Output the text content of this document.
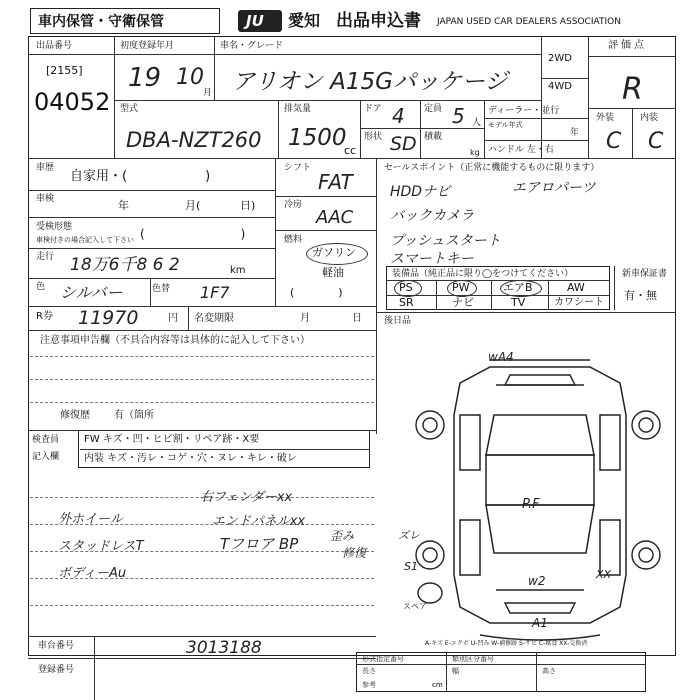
車内保管・守衛保管	JU 愛知 出品申込書 JAPAN USED CAR DEALERS ASSOCIATION
出品番号
[2155]
04052
初度登録年月
19 10
月
車名・グレード
アリオン A15Gパッケージ
2WD
4WD
評価点
R
外装	内装
C C
型式
DBA-NZT260
排気量
1500
cc
ドア 4 定員 5 人
形状 SD 積載
kg
ディーラー・並行
モデル年式
年
ハンドル 左・右
車歴
自家用・(　　　　　　)
車検	年	月(	日)
受検形態
車検付きの場合記入して下さい (　　　　　　　　)
走行 18万6千8 6 2	km
色 シルバー	色替 1F7
シフト
FAT
冷房
AAC
燃料
ガソリン
軽油
(　　　　)
セールスポイント（正常に機能するものに限ります）
HDDナビ	エアロパーツ
バックカメラ
プッシュスタート
スマートキー
装備品（純正品に限り◯をつけてください）
PS	PW	エアB	AW
SR	ナビ	TV	カワシート
新車保証書
有・無
R券 11970	円 名変期限	月	日 後日品
注意事項申告欄（不具合内容等は具体的に記入して下さい）
修復歴 有（箇所
検査員
記入欄
FW キズ・凹・ヒビ割・リペア跡・X要
内装 キズ・汚レ・コゲ・穴・ヌレ・キレ・破レ
外ホイール
スタッドレスT
ボディーAu
右フェンダーxx
エンドパネルxx
Tフロア BP	歪み
修復
wA4
P.F
w2
A1
ズレ
XX
S1
スペア
A-キズ E-エクボ U-凹み W-補修跡 S-サビ C-腐食 XX-交換済
車台番号	3013188
登録番号
形式指定番号	類別区分番号
長さ	幅	高さ
参考	cm
